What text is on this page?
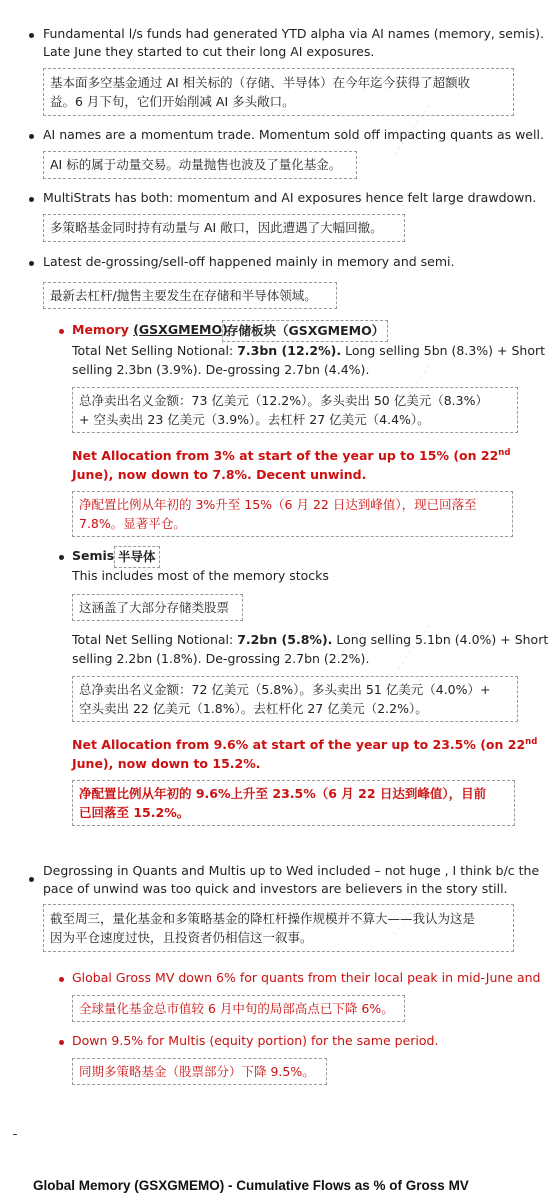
··········
··········
··········
··········
Fundamental l/s funds had generated YTD alpha via AI names (memory, semis).
Late June they started to cut their long AI exposures.
基本面多空基金通过 AI 相关标的（存储、半导体）在今年迄今获得了超额收
益。6 月下旬，它们开始削减 AI 多头敞口。
AI names are a momentum trade. Momentum sold off impacting quants as well.
AI 标的属于动量交易。动量抛售也波及了量化基金。
MultiStrats has both: momentum and AI exposures hence felt large drawdown.
多策略基金同时持有动量与 AI 敞口，因此遭遇了大幅回撤。
Latest de-grossing/sell-off happened mainly in memory and semi.
最新去杠杆/抛售主要发生在存储和半导体领域。
Memory (GSXGMEMO)
存储板块（GSXGMEMO）
Total Net Selling Notional: 7.3bn (12.2%). Long selling 5bn (8.3%) + Short
selling 2.3bn (3.9%). De-grossing 2.7bn (4.4%).
总净卖出名义金额：73 亿美元（12.2%）。多头卖出 50 亿美元（8.3%）
+ 空头卖出 23 亿美元（3.9%）。去杠杆 27 亿美元（4.4%）。
Net Allocation from 3% at start of the year up to 15% (on 22nd
June), now down to 7.8%. Decent unwind.
净配置比例从年初的 3%升至 15%（6 月 22 日达到峰值），现已回落至
7.8%。显著平仓。
Semis 半导体
This includes most of the memory stocks
这涵盖了大部分存储类股票
Total Net Selling Notional: 7.2bn (5.8%). Long selling 5.1bn (4.0%) + Short
selling 2.2bn (1.8%). De-grossing 2.7bn (2.2%).
总净卖出名义金额：72 亿美元（5.8%）。多头卖出 51 亿美元（4.0%）+
空头卖出 22 亿美元（1.8%）。去杠杆化 27 亿美元（2.2%）。
Net Allocation from 9.6% at start of the year up to 23.5% (on 22nd
June), now down to 15.2%.
净配置比例从年初的 9.6%上升至 23.5%（6 月 22 日达到峰值），目前
已回落至 15.2%。
Degrossing in Quants and Multis up to Wed included – not huge , I think b/c the
pace of unwind was too quick and investors are believers in the story still.
截至周三，量化基金和多策略基金的降杠杆操作规模并不算大——我认为这是
因为平仓速度过快，且投资者仍相信这一叙事。
Global Gross MV down 6% for quants from their local peak in mid-June and
全球量化基金总市值较 6 月中旬的局部高点已下降 6%。
Down 9.5% for Multis (equity portion) for the same period.
同期多策略基金（股票部分）下降 9.5%。
Global Memory (GSXGMEMO) - Cumulative Flows as % of Gross MV
